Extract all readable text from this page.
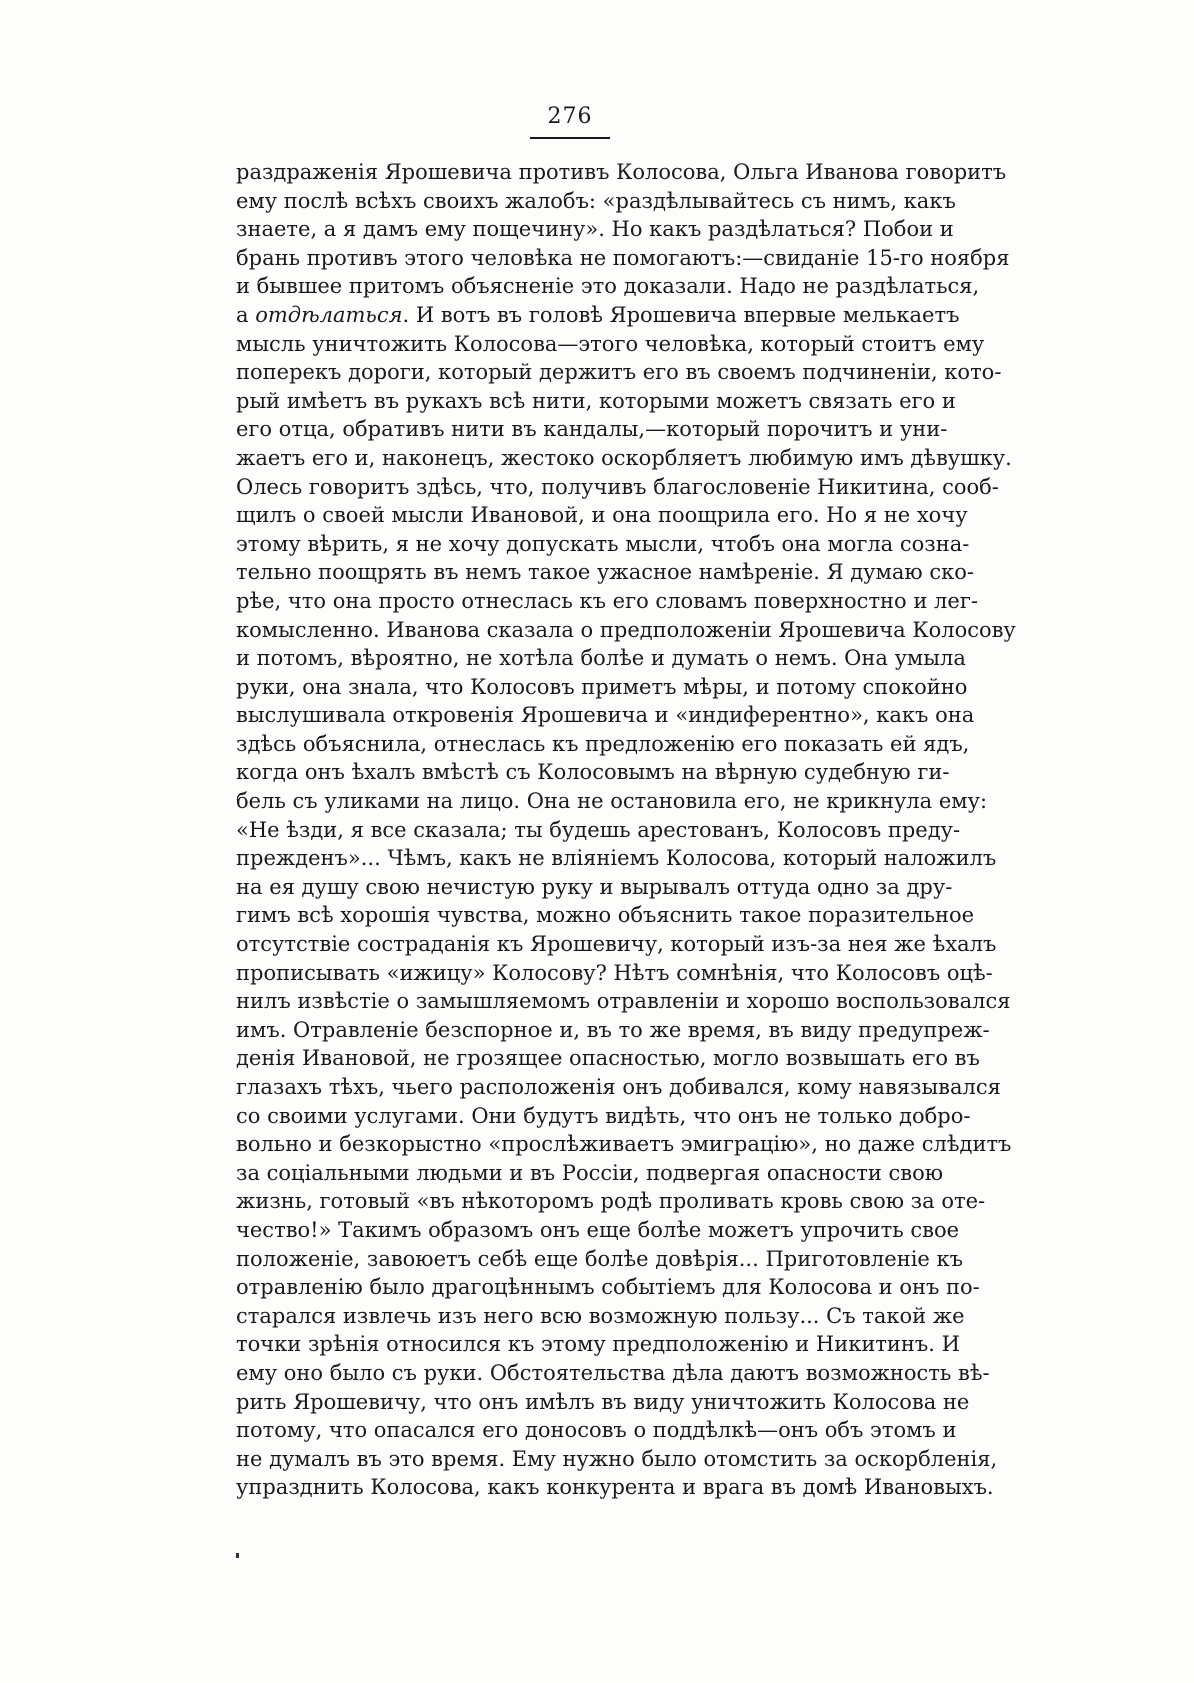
276
раздраженія Ярошевича противъ Колосова, Ольга Иванова говоритъ
ему послѣ всѣхъ своихъ жалобъ: «раздѣлывайтесь съ нимъ, какъ
знаете, а я дамъ ему пощечину». Но какъ раздѣлаться? Побои и
брань противъ этого человѣка не помогаютъ:—свиданіе 15-го ноября
и бывшее притомъ объясненіе это доказали. Надо не раздѣлаться,
а отдѣлаться. И вотъ въ головѣ Ярошевича впервые мелькаетъ
мысль уничтожить Колосова—этого человѣка, который стоитъ ему
поперекъ дороги, который держитъ его въ своемъ подчиненіи, кото-
рый имѣетъ въ рукахъ всѣ нити, которыми можетъ связать его и
его отца, обративъ нити въ кандалы,—который порочитъ и уни-
жаетъ его и, наконецъ, жестоко оскорбляетъ любимую имъ дѣвушку.
Олесь говоритъ здѣсь, что, получивъ благословеніе Никитина, сооб-
щилъ о своей мысли Ивановой, и она поощрила его. Но я не хочу
этому вѣрить, я не хочу допускать мысли, чтобъ она могла созна-
тельно поощрять въ немъ такое ужасное намѣреніе. Я думаю ско-
рѣе, что она просто отнеслась къ его словамъ поверхностно и лег-
комысленно. Иванова сказала о предположеніи Ярошевича Колосову
и потомъ, вѣроятно, не хотѣла болѣе и думать о немъ. Она умыла
руки, она знала, что Колосовъ приметъ мѣры, и потому спокойно
выслушивала откровенія Ярошевича и «индиферентно», какъ она
здѣсь объяснила, отнеслась къ предложенію его показать ей ядъ,
когда онъ ѣхалъ вмѣстѣ съ Колосовымъ на вѣрную судебную ги-
бель съ уликами на лицо. Она не остановила его, не крикнула ему:
«Не ѣзди, я все сказала; ты будешь арестованъ, Колосовъ преду-
прежденъ»... Чѣмъ, какъ не вліяніемъ Колосова, который наложилъ
на ея душу свою нечистую руку и вырывалъ оттуда одно за дру-
гимъ всѣ хорошія чувства, можно объяснить такое поразительное
отсутствіе состраданія къ Ярошевичу, который изъ-за нея же ѣхалъ
прописывать «ижицу» Колосову? Нѣтъ сомнѣнія, что Колосовъ оцѣ-
нилъ извѣстіе о замышляемомъ отравленіи и хорошо воспользовался
имъ. Отравленіе безспорное и, въ то же время, въ виду предупреж-
денія Ивановой, не грозящее опасностью, могло возвышать его въ
глазахъ тѣхъ, чьего расположенія онъ добивался, кому навязывался
со своими услугами. Они будутъ видѣть, что онъ не только добро-
вольно и безкорыстно «прослѣживаетъ эмиграцію», но даже слѣдитъ
за соціальными людьми и въ Россіи, подвергая опасности свою
жизнь, готовый «въ нѣкоторомъ родѣ проливать кровь свою за оте-
чество!» Такимъ образомъ онъ еще болѣе можетъ упрочить свое
положеніе, завоюетъ себѣ еще болѣе довѣрія... Приготовленіе къ
отравленію было драгоцѣннымъ событіемъ для Колосова и онъ по-
старался извлечь изъ него всю возможную пользу... Съ такой же
точки зрѣнія относился къ этому предположенію и Никитинъ. И
ему оно было съ руки. Обстоятельства дѣла даютъ возможность вѣ-
рить Ярошевичу, что онъ имѣлъ въ виду уничтожить Колосова не
потому, что опасался его доносовъ о поддѣлкѣ—онъ объ этомъ и
не думалъ въ это время. Ему нужно было отомстить за оскорбленія,
упразднить Колосова, какъ конкурента и врага въ домѣ Ивановыхъ.
